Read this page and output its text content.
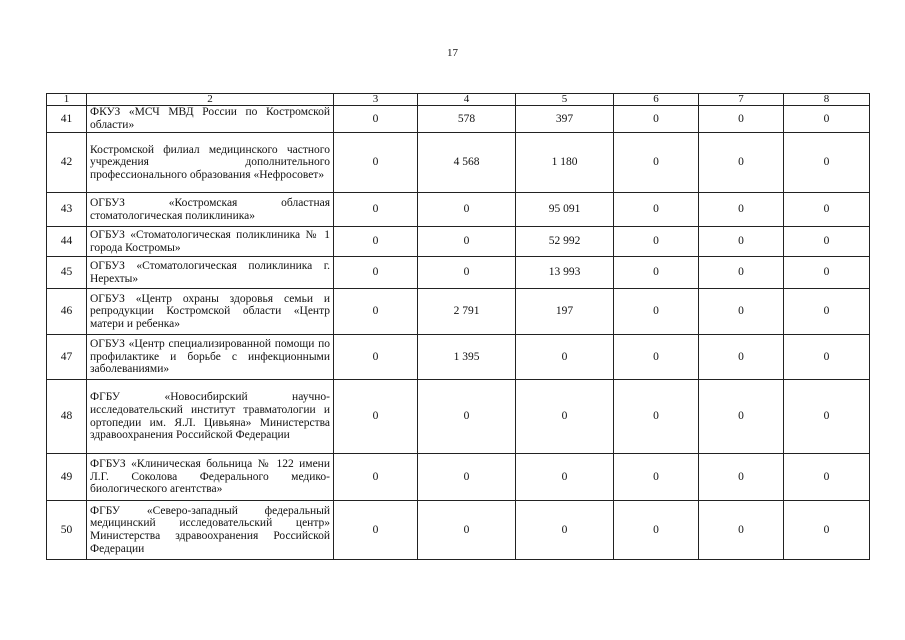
17
1	2	3	4	5	6	7	8
41	ФКУЗ «МСЧ МВД России по Костромской области»	0	578	397	0	0	0
42	Костромской филиал медицинского частного учреждения дополнительного профессионального образования «Нефросовет»	0	4 568	1 180	0	0	0
43	ОГБУЗ «Костромская областная стоматологическая поликлиника»	0	0	95 091	0	0	0
44	ОГБУЗ «Стоматологическая поликлиника № 1 города Костромы»	0	0	52 992	0	0	0
45	ОГБУЗ «Стоматологическая поликлиника г. Нерехты»	0	0	13 993	0	0	0
46	ОГБУЗ «Центр охраны здоровья семьи и репродукции Костромской области «Центр матери и ребенка»	0	2 791	197	0	0	0
47	ОГБУЗ «Центр специализированной помощи по профилактике и борьбе с инфекционными заболеваниями»	0	1 395	0	0	0	0
48	ФГБУ «Новосибирский научно-исследовательский институт травматологии и ортопедии им. Я.Л. Цивьяна» Министерства здравоохранения Российской Федерации	0	0	0	0	0	0
49	ФГБУЗ «Клиническая больница № 122 имени Л.Г. Соколова Федерального медико-биологического агентства»	0	0	0	0	0	0
50	ФГБУ «Северо-западный федеральный медицинский исследовательский центр» Министерства здравоохранения Российской Федерации	0	0	0	0	0	0
